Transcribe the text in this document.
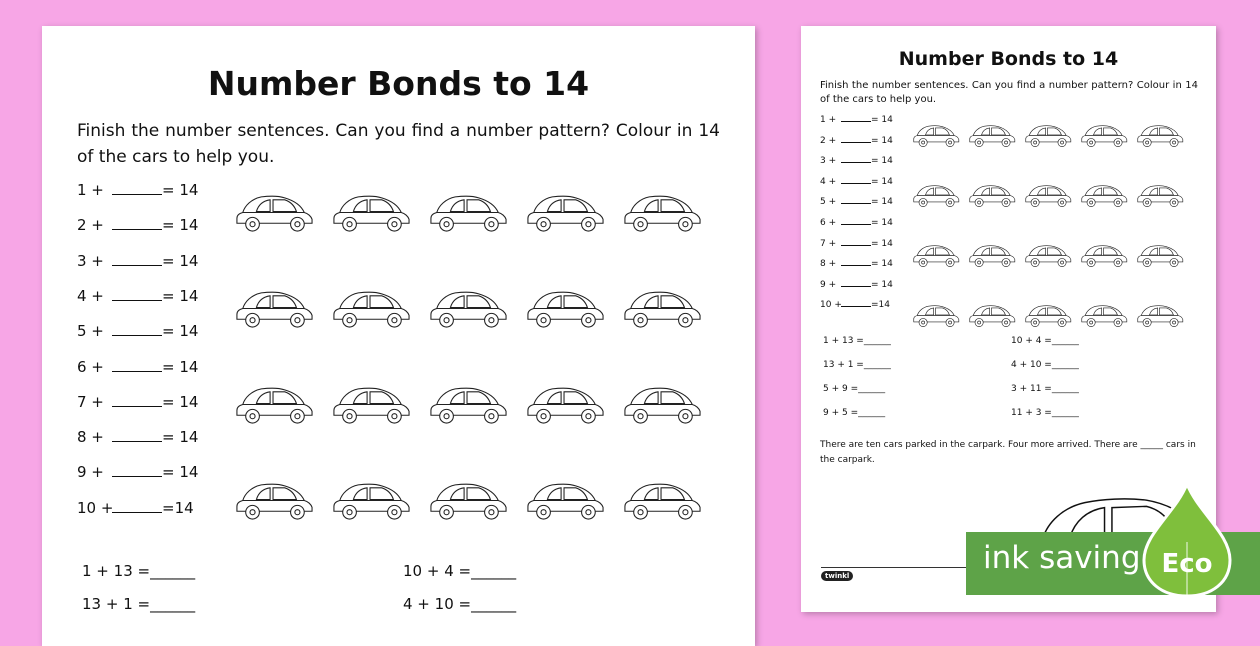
Number Bonds to 14
Finish the number sentences. Can you find a number pattern? Colour in 14 of the cars to help you.
1 +	= 14
2 +	= 14
3 +	= 14
4 +	= 14
5 +	= 14
6 +	= 14
7 +	= 14
8 +	= 14
9 +	= 14
10 +	=14
1 + 13 =______	10 + 4 =______
13 + 1 =______	4 + 10 =______
Number Bonds to 14
Finish the number sentences. Can you find a number pattern? Colour in 14 of the cars to help you.
1 +	= 14
2 +	= 14
3 +	= 14
4 +	= 14
5 +	= 14
6 +	= 14
7 +	= 14
8 +	= 14
9 +	= 14
10 +	=14
1 + 13 =______	10 + 4 =______
13 + 1 =______	4 + 10 =______
5 + 9 =______	3 + 11 =______
9 + 5 =______	11 + 3 =______
There are ten cars parked in the carpark. Four more arrived. There are _____ cars in the carpark.
twinkl	ink saving Eco
